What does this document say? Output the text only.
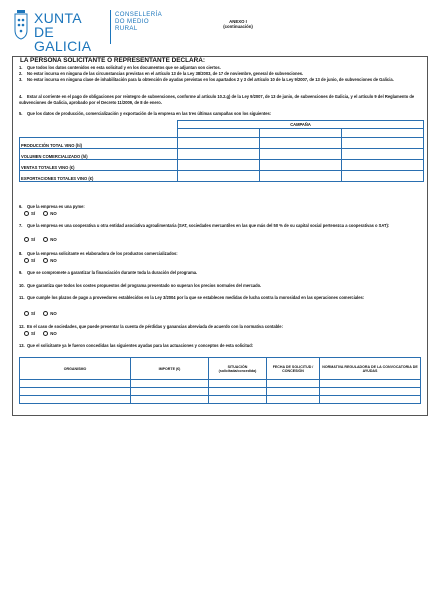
XUNTA DE GALICIA
CONSELLERÍA
DO MEDIO
RURAL
ANEXO I
(continuación)
LA PERSONA SOLICITANTE O REPRESENTANTE DECLARA:
1. Que todos los datos contenidos en esta solicitud y en los documentos que se adjuntan son ciertos.
2. No estar incursa en ninguna de las circunstancias previstas en el artículo 13 de la Ley 38/2003, de 17 de noviembre, general de subvenciones.
3. No estar incursa en ninguna clase de inhabilitación para la obtención de ayudas previstas en los apartados 2 y 3 del artículo 10 de la Ley 9/2007, de 13 de junio, de subvenciones de Galicia.
4. Estar al corriente en el pago de obligaciones por reintegro de subvenciones, conforme al artículo 10.2.g) de la Ley 9/2007, de 13 de junio, de subvenciones de Galicia, y el artículo 9 del Reglamento de subvenciones de Galicia, aprobado por el Decreto 11/2009, de 8 de enero.
5. Que los datos de producción, comercialización y exportación de la empresa en las tres últimas campañas son los siguientes:
	CAMPAÑA		

PRODUCCIÓN TOTAL VINO (hl)			
VOLUMEN COMERCIALIZADO (hl)			
VENTAS TOTALES VINO (€)			
EXPORTACIONES TOTALES VINO (€)			
6. Que la empresa es una pyme:
SÍ	NO
7. Que la empresa es una cooperativa u otra entidad asociativa agroalimentaria (SAT, sociedades mercantiles en las que más del 50 % de su capital social pertenezca a cooperativas o SAT):
SÍ	NO
8. Que la empresa solicitante es elaboradora de los productos comercializados:
SÍ	NO
9. Que se compromete a garantizar la financiación durante toda la duración del programa.
10. Que garantiza que todos los costes propuestos del programa presentado no superan los precios normales del mercado.
11. Que cumple los plazos de pago a proveedores establecidos en la Ley 3/2004 por la que se establecen medidas de lucha contra la morosidad en las operaciones comerciales:
SÍ	NO
12. En el caso de sociedades, que puede presentar la cuenta de pérdidas y ganancias abreviada de acuerdo con la normativa contable:
SÍ	NO
13. Que el solicitante ya le fueron concedidas las siguientes ayudas para las actuaciones y conceptos de esta solicitud:
ORGANISMO	IMPORTE (€)	SITUACIÓN (solicitada/concedida)	FECHA DE SOLICITUD / CONCESIÓN	NORMATIVA REGULADORA DE LA CONVOCATORIA DE AYUDAS
